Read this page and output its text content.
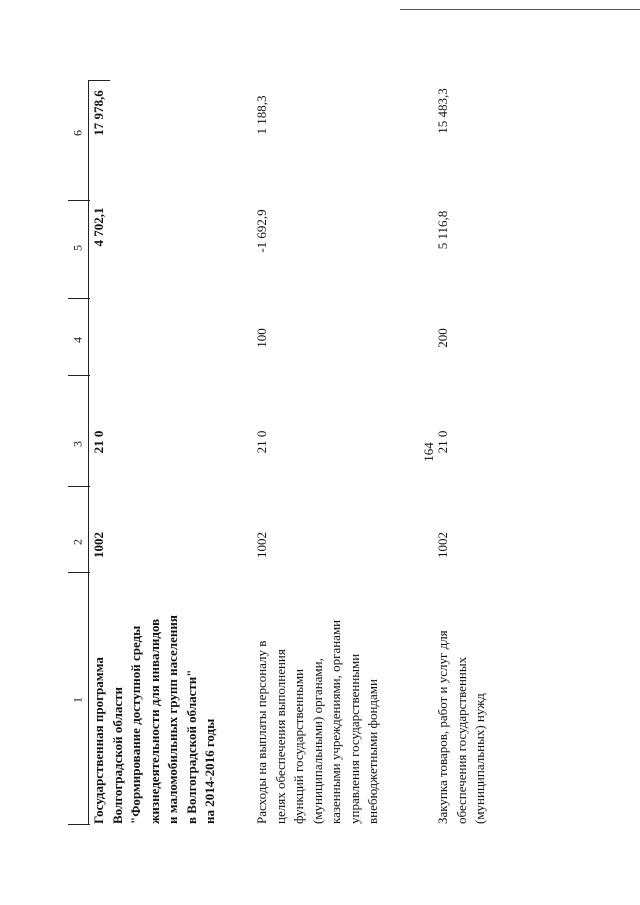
164
1
2
3
4
5
6
Государственная программа
Волгоградской области
"Формирование доступной среды
жизнедеятельности для инвалидов
и маломобильных групп населения
в Волгоградской области"
на 2014-2016 годы
1002
21 0
4 702,1
17 978,6
Расходы на выплаты персоналу в
целях обеспечения выполнения
функций государственными
(муниципальными) органами,
казенными учреждениями, органами
управления государственными
внебюджетными фондами
1002
21 0
100
-1 692,9
1 188,3
Закупка товаров, работ и услуг для
обеспечения государственных
(муниципальных) нужд
1002
21 0
200
5 116,8
15 483,3
